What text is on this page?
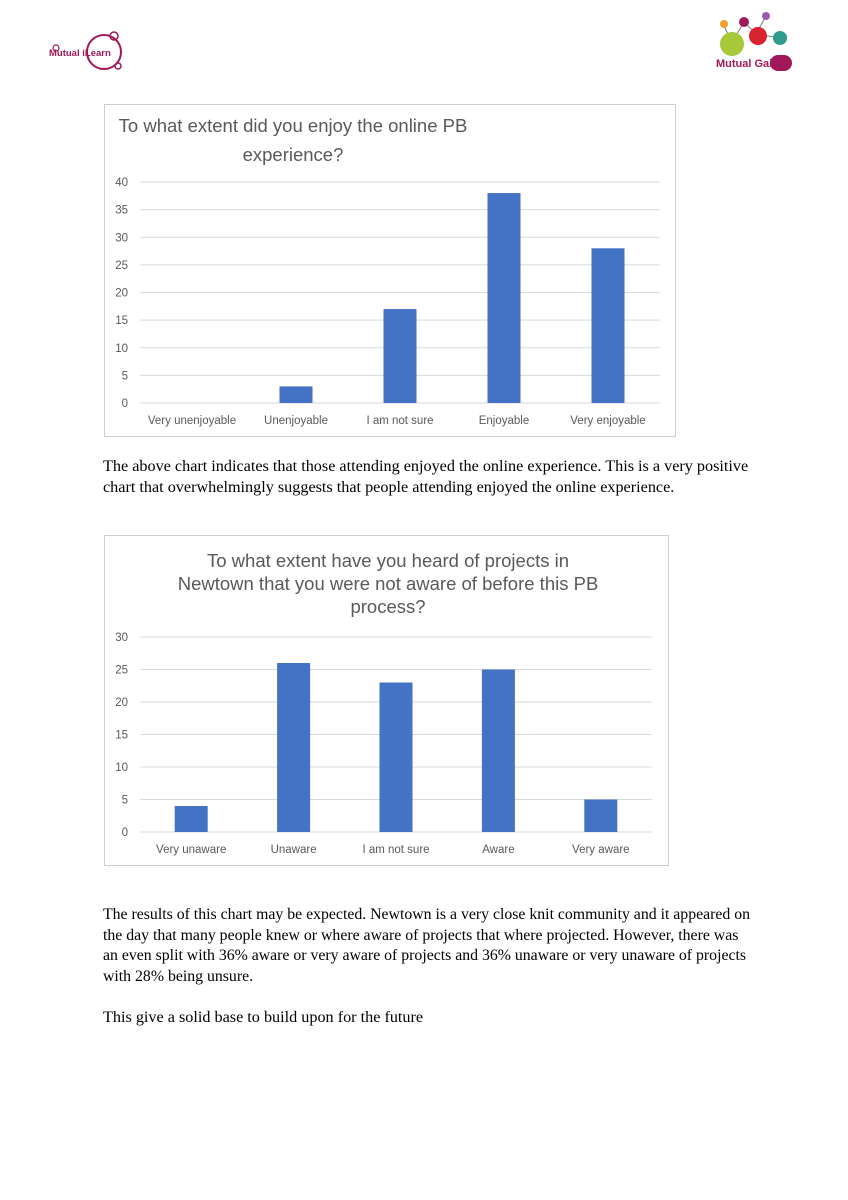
Mutual iLearn
Mutual Gain
To what extent did you enjoy the online PB
experience?
0
5
10
15
20
25
30
35
40
Very unenjoyable Unenjoyable	I am not sure	Enjoyable	Very enjoyable

The above chart indicates that those attending enjoyed the online experience. This is a very positive chart that overwhelmingly suggests that people attending enjoyed the online experience.

To what extent have you heard of projects in
Newtown that you were not aware of before this PB
process?
0
5
10
15
20
25
30
Very unaware	Unaware	I am not sure	Aware	Very aware

The results of this chart may be expected. Newtown is a very close knit community and it appeared on the day that many people knew or where aware of projects that where projected. However, there was an even split with 36% aware or very aware of projects and 36% unaware or very unaware of projects with 28% being unsure.

This give a solid base to build upon for the future
